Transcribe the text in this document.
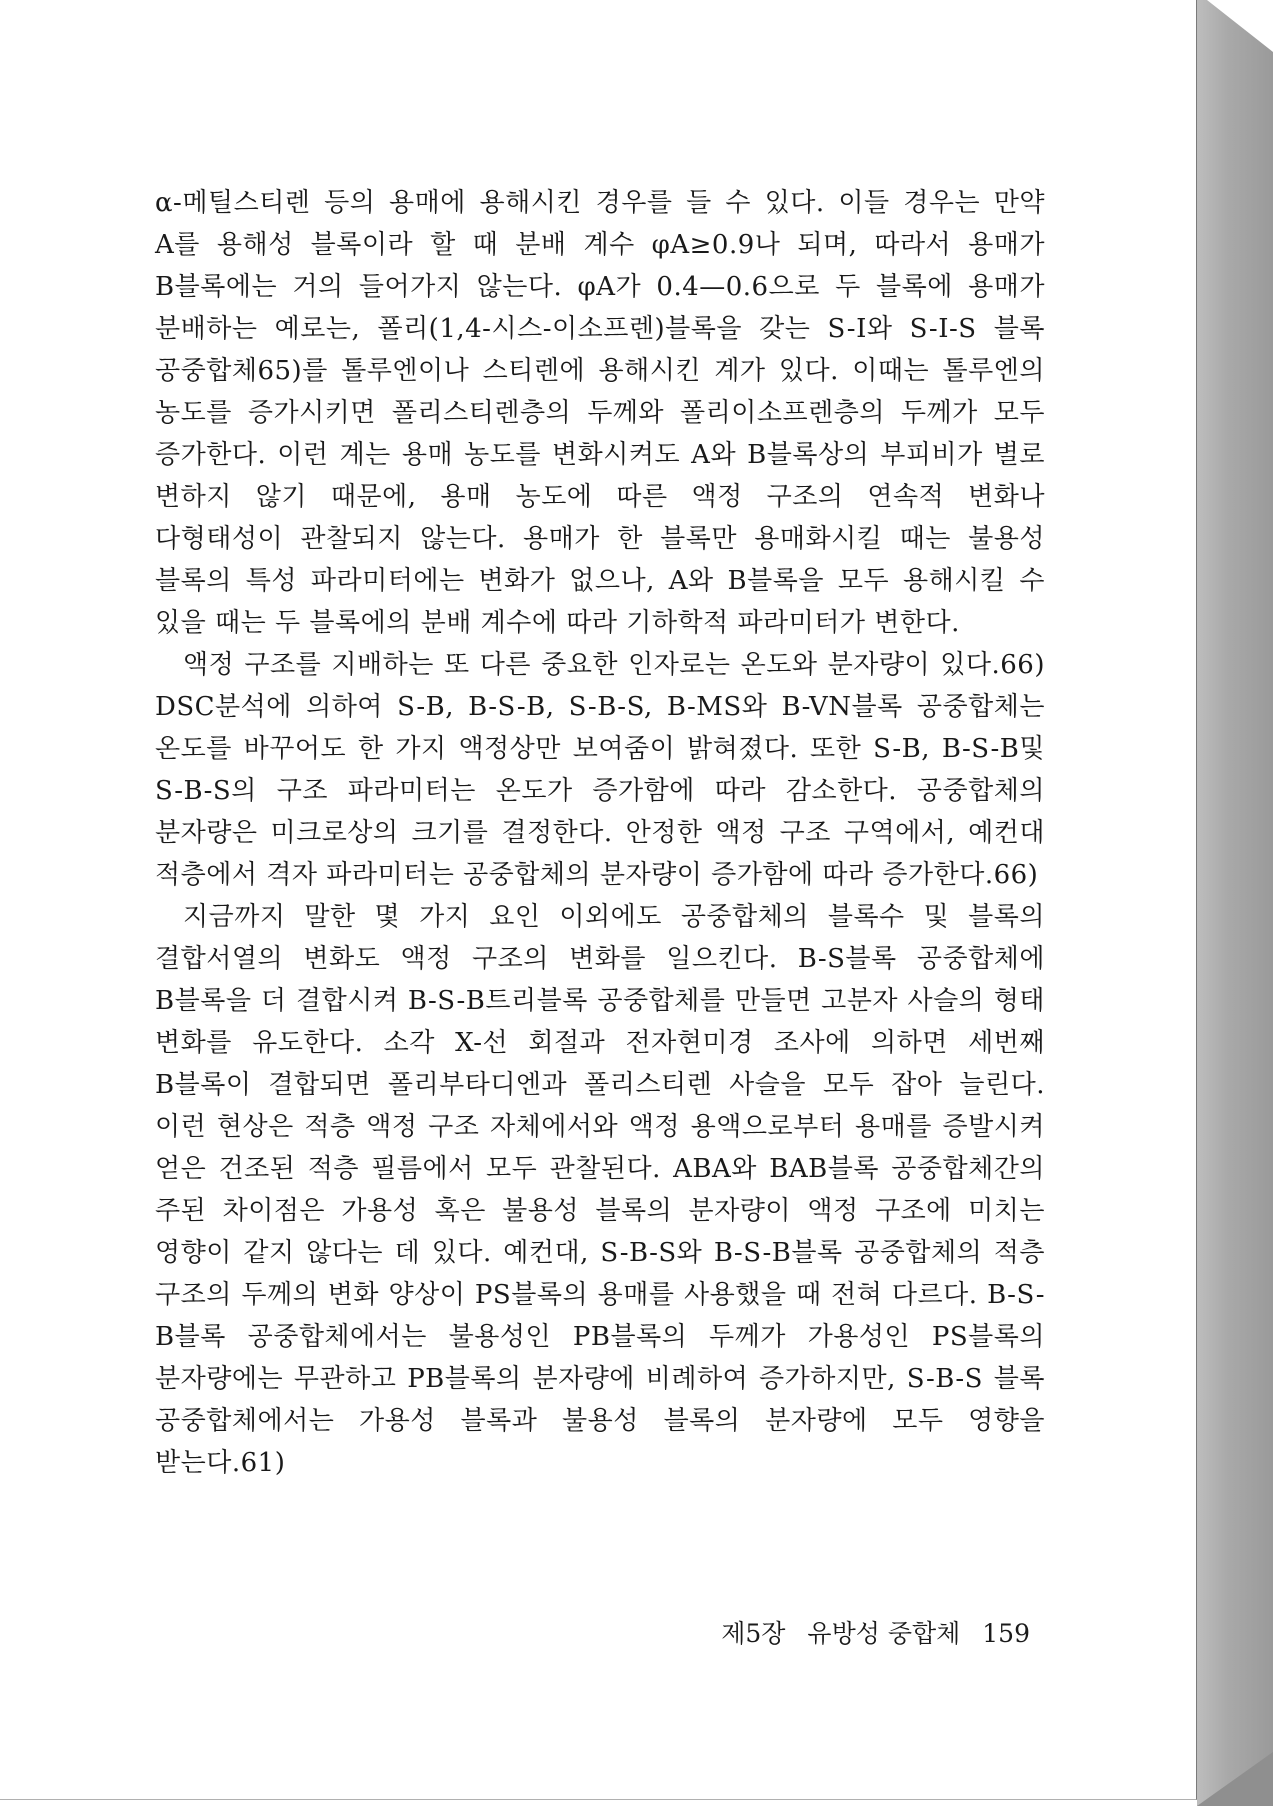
α-메틸스티렌 등의 용매에 용해시킨 경우를 들 수 있다. 이들 경우는 만약 A를 용해성 블록이라 할 때 분배 계수 φA≥0.9나 되며, 따라서 용매가 B블록에는 거의 들어가지 않는다. φA가 0.4—0.6으로 두 블록에 용매가 분배하는 예로는, 폴리(1,4-시스-이소프렌)블록을 갖는 S-I와 S-I-S 블록 공중합체65)를 톨루엔이나 스티렌에 용해시킨 계가 있다. 이때는 톨루엔의 농도를 증가시키면 폴리스티렌층의 두께와 폴리이소프렌층의 두께가 모두 증가한다. 이런 계는 용매 농도를 변화시켜도 A와 B블록상의 부피비가 별로 변하지 않기 때문에, 용매 농도에 따른 액정 구조의 연속적 변화나 다형태성이 관찰되지 않는다. 용매가 한 블록만 용매화시킬 때는 불용성 블록의 특성 파라미터에는 변화가 없으나, A와 B블록을 모두 용해시킬 수 있을 때는 두 블록에의 분배 계수에 따라 기하학적 파라미터가 변한다.

액정 구조를 지배하는 또 다른 중요한 인자로는 온도와 분자량이 있다.66) DSC분석에 의하여 S-B, B-S-B, S-B-S, B-MS와 B-VN블록 공중합체는 온도를 바꾸어도 한 가지 액정상만 보여줌이 밝혀졌다. 또한 S-B, B-S-B및 S-B-S의 구조 파라미터는 온도가 증가함에 따라 감소한다. 공중합체의 분자량은 미크로상의 크기를 결정한다. 안정한 액정 구조 구역에서, 예컨대 적층에서 격자 파라미터는 공중합체의 분자량이 증가함에 따라 증가한다.66)

지금까지 말한 몇 가지 요인 이외에도 공중합체의 블록수 및 블록의 결합서열의 변화도 액정 구조의 변화를 일으킨다. B-S블록 공중합체에 B블록을 더 결합시켜 B-S-B트리블록 공중합체를 만들면 고분자 사슬의 형태 변화를 유도한다. 소각 X-선 회절과 전자현미경 조사에 의하면 세번째 B블록이 결합되면 폴리부타디엔과 폴리스티렌 사슬을 모두 잡아 늘린다. 이런 현상은 적층 액정 구조 자체에서와 액정 용액으로부터 용매를 증발시켜 얻은 건조된 적층 필름에서 모두 관찰된다. ABA와 BAB블록 공중합체간의 주된 차이점은 가용성 혹은 불용성 블록의 분자량이 액정 구조에 미치는 영향이 같지 않다는 데 있다. 예컨대, S-B-S와 B-S-B블록 공중합체의 적층 구조의 두께의 변화 양상이 PS블록의 용매를 사용했을 때 전혀 다르다. B-S-B블록 공중합체에서는 불용성인 PB블록의 두께가 가용성인 PS블록의 분자량에는 무관하고 PB블록의 분자량에 비례하여 증가하지만, S-B-S 블록 공중합체에서는 가용성 블록과 불용성 블록의 분자량에 모두 영향을 받는다.61)

제5장 유방성 중합체 159
